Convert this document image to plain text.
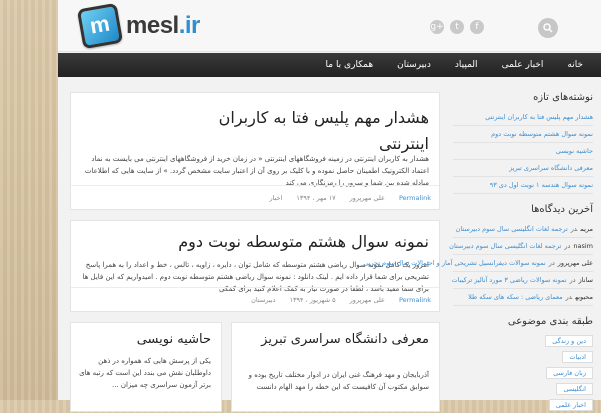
m mesl.ir	g+	t	f
خانه
اخبار علمی
المپیاد
دبیرستان
همکاری با ما
هشدار مهم پلیس فتا به کاربران اینترنتی

هشدار به کاربران اینترنتی در زمینه فروشگاههای اینترنتی « در زمان خرید از فروشگاههای اینترنتی می بایست به نماد اعتماد الکترونیک اطمینان حاصل نموده و با کلیک بر روی آن از اعتبار سایت مشخص گردد. » از سایت هایی که اطلاعات مبادله شده بین شما و سرور را رمزنگاری می کند

Permalink
علی مهرپرور
۱۷ مهر ، ۱۳۹۴
اخبار
نمونه سوال هشتم متوسطه نوبت دوم

امروز یک کامل نمونه سوال ریاضی هشتم متوسطه که شامل توان ، دایره ، زاویه ، تالس ، خط و اعداد را به همرا پاسخ تشریحی برای شما قرار داده ایم . لینک دانلود : نمونه سوال ریاضی هشتم متوسطه نوبت دوم . امیدواریم که این فایل ها برای شما مفید باشد ، لطفا در صورت نیاز به کمک اعلام کنید برای کمکی

Permalink
علی مهرپرور
۵ شهریور ، ۱۳۹۴
دبیرستان
معرفی دانشگاه سراسری تبریز

آذربایجان و مهد فرهنگ غنی ایران در ادوار مختلف تاریخ بوده و سوابق مکتوب آن کافیست که این خطه را مهد الهام دانست

حاشیه نویسی

یکی از پرسش هایی که همواره در ذهن داوطلبان نقش می بندد این است که رتبه های برتر آزمون سراسری چه میزان ...

نوشته‌های تازه
هشدار مهم پلیس فتا به کاربران اینترنتی
نمونه سوال هشتم متوسطه نوبت دوم
حاشیه نویسی
معرفی دانشگاه سراسری تبریز
نمونه سوال هندسه ۱ نوبت اول دی ۹۳
آخرین دیدگاه‌ها
مریمدرترجمه لغات انگلیسی سال سوم دبیرستان
nasimدرترجمه لغات انگلیسی سال سوم دبیرستان
علی مهرپروردرنمونه سوالات دیفرانسیل تشریحی آمار و احتمالات سال سوم تجربی
سانازدرنمونه سوالات ریاضی ۳ مورد آنالیز ترکیبات
محبوبهدرمعمای ریاضی : سکه های سکه طلا
طبقه بندی موضوعی
دین و زندگی
ادبیات
زبان فارسی
انگلیسی
اخبار علمی
